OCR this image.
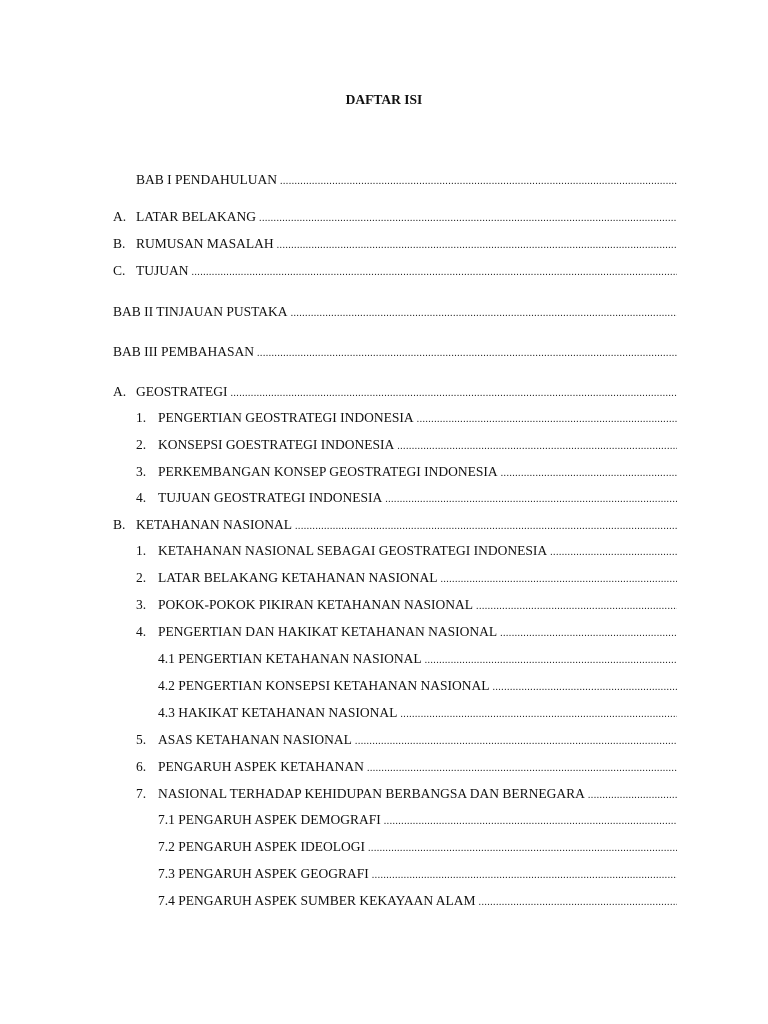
DAFTAR ISI
BAB I PENDAHULUAN
.....
A. LATAR BELAKANG
.....
B. RUMUSAN MASALAH
.....
C. TUJUAN
.....
BAB II TINJAUAN PUSTAKA
.....
BAB III PEMBAHASAN
.....
A. GEOSTRATEGI
.....
1. PENGERTIAN GEOSTRATEGI INDONESIA
.....
2. KONSEPSI GOESTRATEGI INDONESIA
.....
3. PERKEMBANGAN KONSEP GEOSTRATEGI INDONESIA
.....
4. TUJUAN GEOSTRATEGI INDONESIA
.....
B. KETAHANAN NASIONAL
.....
1. KETAHANAN NASIONAL SEBAGAI GEOSTRATEGI INDONESIA
.....
2. LATAR BELAKANG KETAHANAN NASIONAL
.....
3. POKOK-POKOK PIKIRAN KETAHANAN NASIONAL
.....
4. PENGERTIAN DAN HAKIKAT KETAHANAN NASIONAL
.....
4.1 PENGERTIAN KETAHANAN NASIONAL
.....
4.2 PENGERTIAN KONSEPSI KETAHANAN NASIONAL
.....
4.3 HAKIKAT KETAHANAN NASIONAL
.....
5. ASAS KETAHANAN NASIONAL
.....
6. PENGARUH ASPEK KETAHANAN
.....
7. NASIONAL TERHADAP KEHIDUPAN BERBANGSA DAN BERNEGARA
.....
7.1 PENGARUH ASPEK DEMOGRAFI
.....
7.2 PENGARUH ASPEK IDEOLOGI
.....
7.3 PENGARUH ASPEK GEOGRAFI
.....
7.4 PENGARUH ASPEK SUMBER KEKAYAAN ALAM
.....
